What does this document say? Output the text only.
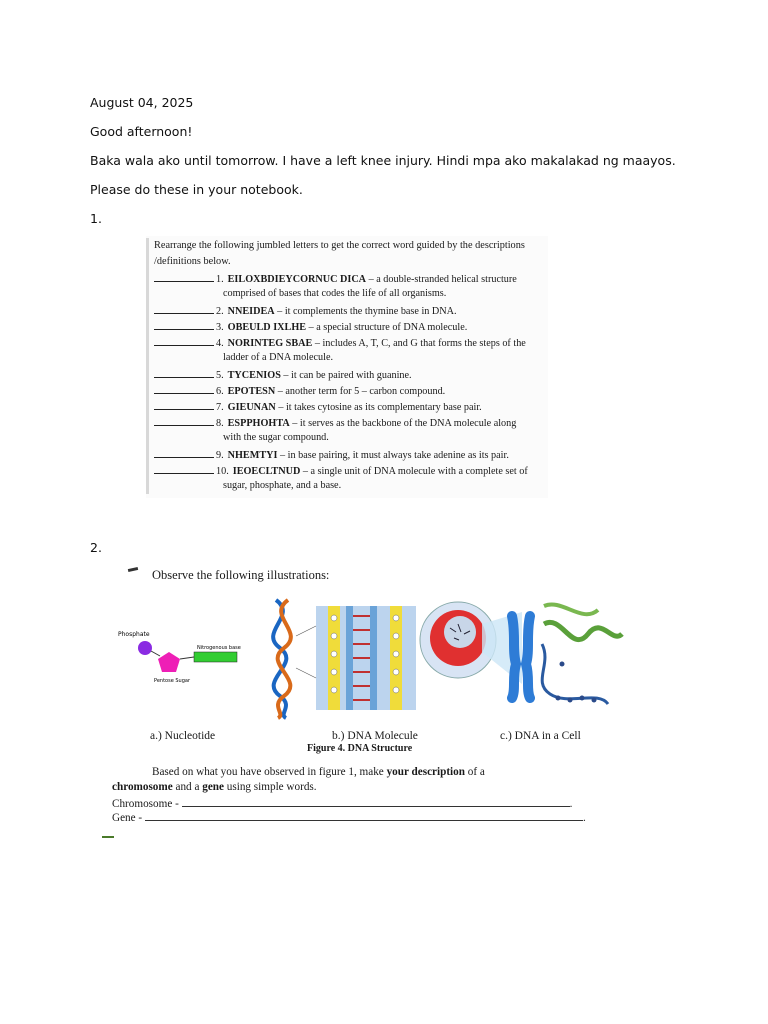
August 04, 2025
Good afternoon!
Baka wala ako until tomorrow. I have a left knee injury. Hindi mpa ako makalakad ng maayos.
Please do these in your notebook.
1.
Rearrange the following jumbled letters to get the correct word guided by the descriptions
/definitions below.
1. EILOXBDIEYCORNUC DICA – a double-stranded helical structure
comprised of bases that codes the life of all organisms.
2. NNEIDEA – it complements the thymine base in DNA.
3. OBEULD IXLHE – a special structure of DNA molecule.
4. NORINTEG SBAE – includes A, T, C, and G that forms the steps of the
ladder of a DNA molecule.
5. TYCENIOS – it can be paired with guanine.
6. EPOTESN – another term for 5 – carbon compound.
7. GIEUNAN – it takes cytosine as its complementary base pair.
8. ESPPHOHTA – it serves as the backbone of the DNA molecule along
with the sugar compound.
9. NHEMTYI – in base pairing, it must always take adenine as its pair.
10. IEOECLTNUD – a single unit of DNA molecule with a complete set of
sugar, phosphate, and a base.
2.
Observe the following illustrations:
Phosphate
Nitrogenous base
Pentose Sugar
a.) Nucleotide	b.) DNA Molecule	c.) DNA in a Cell
Figure 4. DNA Structure
Based on what you have observed in figure 1, make your description of a
chromosome and a gene using simple words.
Chromosome -	.
Gene -	.
